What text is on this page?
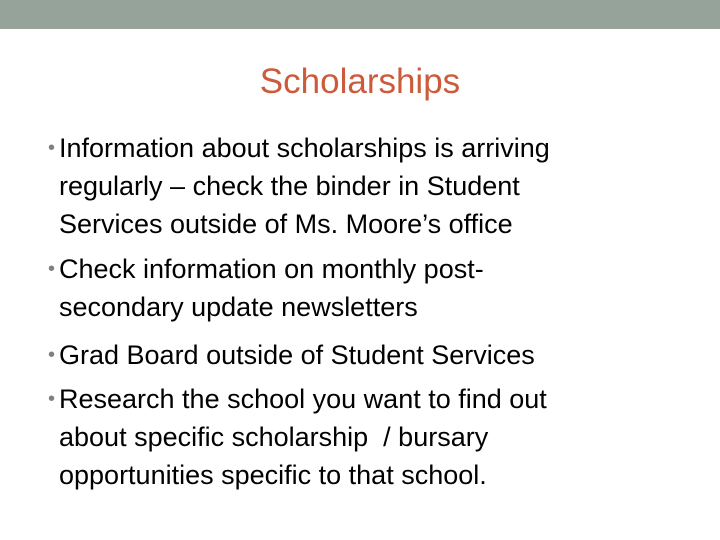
Scholarships
• Information about scholarships is arriving
regularly – check the binder in Student
Services outside of Ms. Moore’s office
• Check information on monthly post-
secondary update newsletters
• Grad Board outside of Student Services
• Research the school you want to find out
about specific scholarship  / bursary
opportunities specific to that school.
